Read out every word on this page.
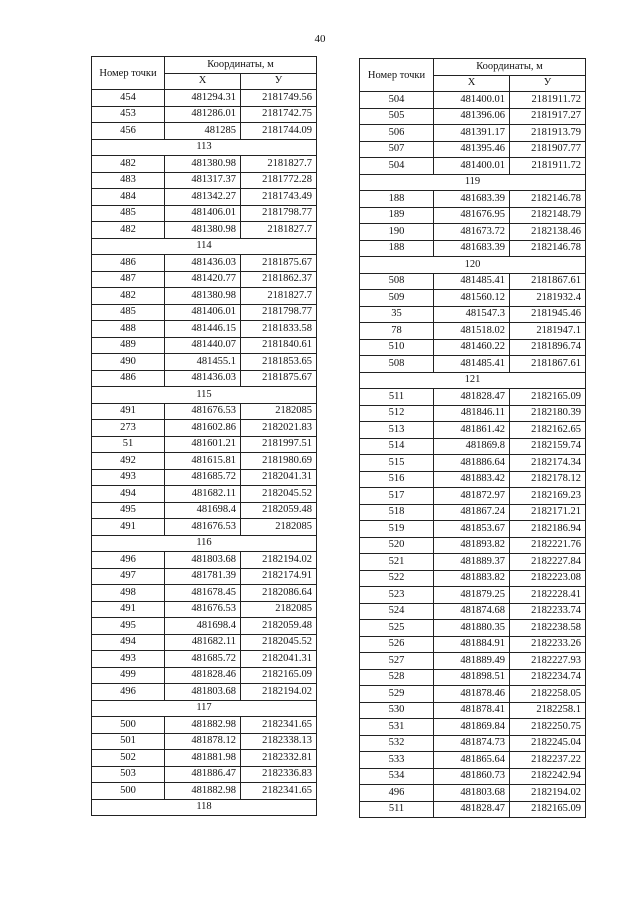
40
Номер точки	Координаты, м	
	X	У
454	481294.31	2181749.56
453	481286.01	2181742.75
456	481285	2181744.09
113		
482	481380.98	2181827.7
483	481317.37	2181772.28
484	481342.27	2181743.49
485	481406.01	2181798.77
482	481380.98	2181827.7
114		
486	481436.03	2181875.67
487	481420.77	2181862.37
482	481380.98	2181827.7
485	481406.01	2181798.77
488	481446.15	2181833.58
489	481440.07	2181840.61
490	481455.1	2181853.65
486	481436.03	2181875.67
115		
491	481676.53	2182085
273	481602.86	2182021.83
51	481601.21	2181997.51
492	481615.81	2181980.69
493	481685.72	2182041.31
494	481682.11	2182045.52
495	481698.4	2182059.48
491	481676.53	2182085
116		
496	481803.68	2182194.02
497	481781.39	2182174.91
498	481678.45	2182086.64
491	481676.53	2182085
495	481698.4	2182059.48
494	481682.11	2182045.52
493	481685.72	2182041.31
499	481828.46	2182165.09
496	481803.68	2182194.02
117		
500	481882.98	2182341.65
501	481878.12	2182338.13
502	481881.98	2182332.81
503	481886.47	2182336.83
500	481882.98	2182341.65
118		
Номер точки	Координаты, м	
	X	У
504	481400.01	2181911.72
505	481396.06	2181917.27
506	481391.17	2181913.79
507	481395.46	2181907.77
504	481400.01	2181911.72
119		
188	481683.39	2182146.78
189	481676.95	2182148.79
190	481673.72	2182138.46
188	481683.39	2182146.78
120		
508	481485.41	2181867.61
509	481560.12	2181932.4
35	481547.3	2181945.46
78	481518.02	2181947.1
510	481460.22	2181896.74
508	481485.41	2181867.61
121		
511	481828.47	2182165.09
512	481846.11	2182180.39
513	481861.42	2182162.65
514	481869.8	2182159.74
515	481886.64	2182174.34
516	481883.42	2182178.12
517	481872.97	2182169.23
518	481867.24	2182171.21
519	481853.67	2182186.94
520	481893.82	2182221.76
521	481889.37	2182227.84
522	481883.82	2182223.08
523	481879.25	2182228.41
524	481874.68	2182233.74
525	481880.35	2182238.58
526	481884.91	2182233.26
527	481889.49	2182227.93
528	481898.51	2182234.74
529	481878.46	2182258.05
530	481878.41	2182258.1
531	481869.84	2182250.75
532	481874.73	2182245.04
533	481865.64	2182237.22
534	481860.73	2182242.94
496	481803.68	2182194.02
511	481828.47	2182165.09
